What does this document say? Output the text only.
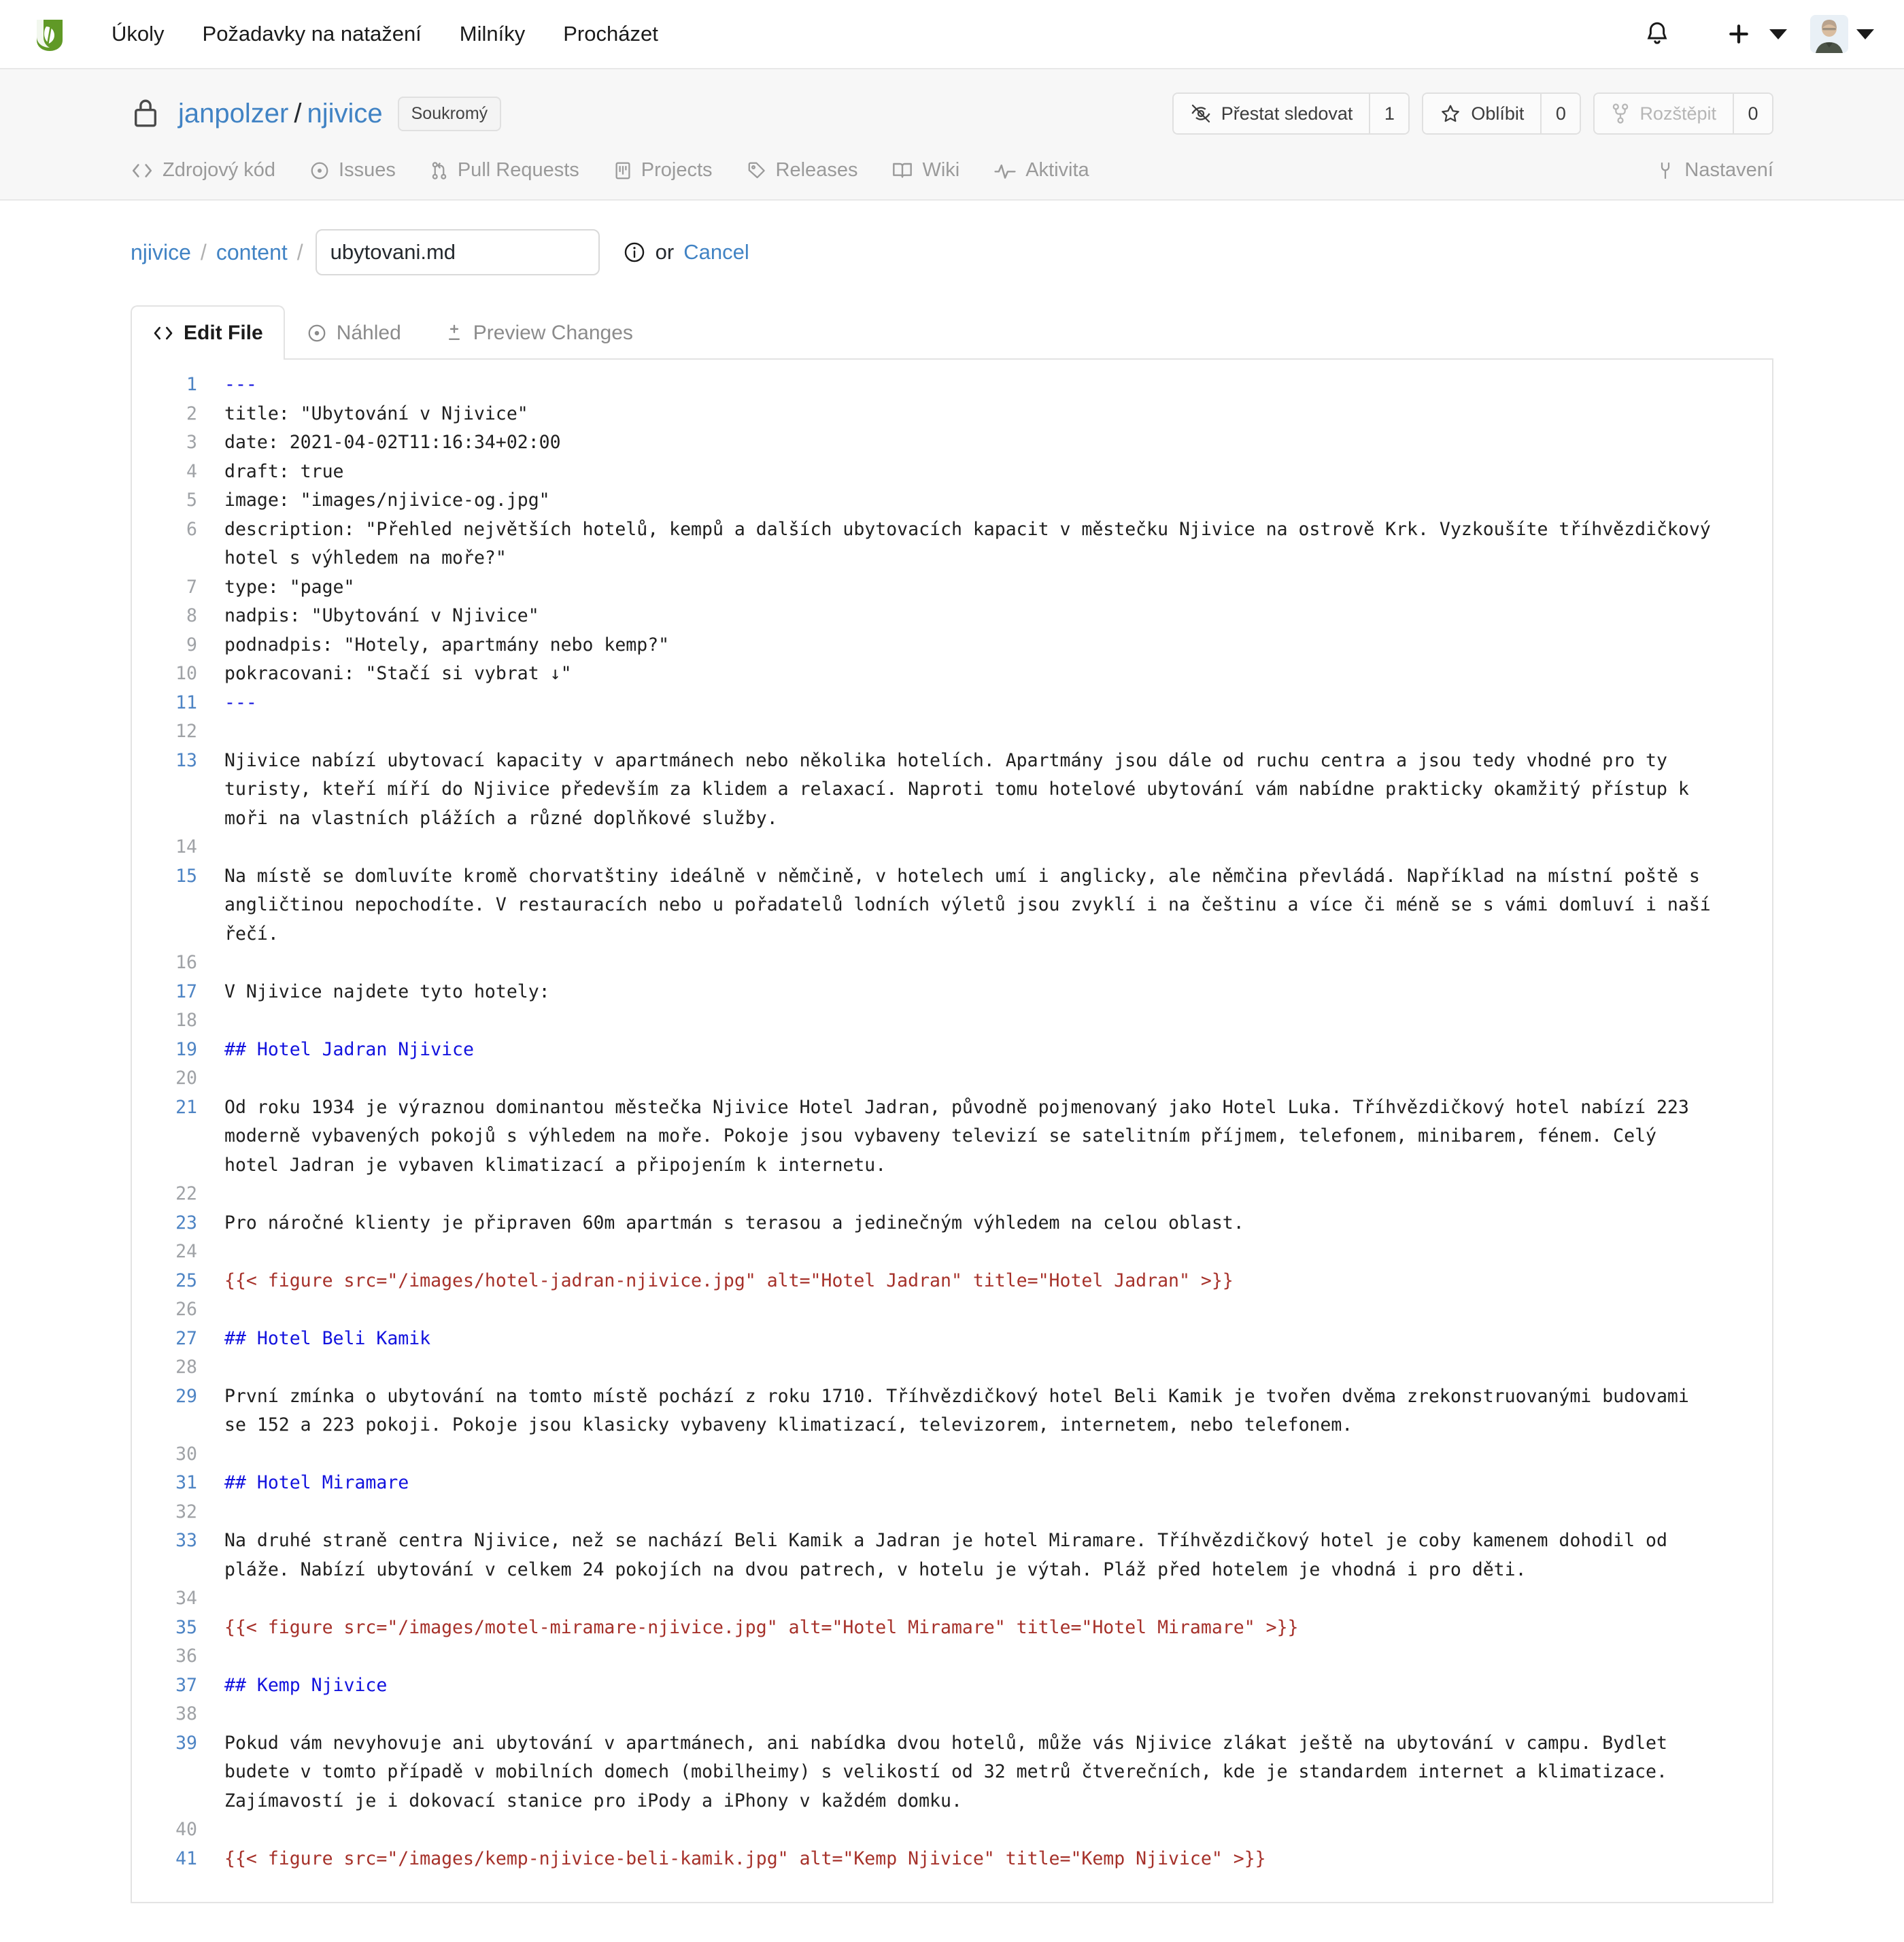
Úkoly	Požadavky na natažení	Milníky	Procházet
janpolzer / njivice	Soukromý	Přestat sledovat	1	Oblíbit	0	Rozštěpit	0
Zdrojový kód	Issues	Pull Requests	Projects	Releases	Wiki	Aktivita	Nastavení
njivice / content /
ubytovani.md	or Cancel
Edit File	Náhled	Preview Changes
1	---
2	title: "Ubytování v Njivice"
3	date: 2021-04-02T11:16:34+02:00
4	draft: true
5	image: "images/njivice-og.jpg"
6	description: "Přehled největších hotelů, kempů a dalších ubytovacích kapacit v městečku Njivice na ostrově Krk. Vyzkoušíte tříhvězdičkový hotel s výhledem na moře?"
7	type: "page"
8	nadpis: "Ubytování v Njivice"
9	podnadpis: "Hotely, apartmány nebo kemp?"
10	pokracovani: "Stačí si vybrat ↓"
11	---
12
13	Njivice nabízí ubytovací kapacity v apartmánech nebo několika hotelích. Apartmány jsou dále od ruchu centra a jsou tedy vhodné pro ty turisty, kteří míří do Njivice především za klidem a relaxací. Naproti tomu hotelové ubytování vám nabídne prakticky okamžitý přístup k moři na vlastních plážích a různé doplňkové služby.
14
15	Na místě se domluvíte kromě chorvatštiny ideálně v němčině, v hotelech umí i anglicky, ale němčina převládá. Například na místní poště s angličtinou nepochodíte. V restauracích nebo u pořadatelů lodních výletů jsou zvyklí i na češtinu a více či méně se s vámi domluví i naší řečí.
16
17	V Njivice najdete tyto hotely:
18
19	## Hotel Jadran Njivice
20
21	Od roku 1934 je výraznou dominantou městečka Njivice Hotel Jadran, původně pojmenovaný jako Hotel Luka. Tříhvězdičkový hotel nabízí 223 moderně vybavených pokojů s výhledem na moře. Pokoje jsou vybaveny televizí se satelitním příjmem, telefonem, minibarem, fénem. Celý hotel Jadran je vybaven klimatizací a připojením k internetu.
22
23	Pro náročné klienty je připraven 60m apartmán s terasou a jedinečným výhledem na celou oblast.
24
25	{{< figure src="/images/hotel-jadran-njivice.jpg" alt="Hotel Jadran" title="Hotel Jadran" >}}
26
27	## Hotel Beli Kamik
28
29	První zmínka o ubytování na tomto místě pochází z roku 1710. Tříhvězdičkový hotel Beli Kamik je tvořen dvěma zrekonstruovanými budovami se 152 a 223 pokoji. Pokoje jsou klasicky vybaveny klimatizací, televizorem, internetem, nebo telefonem.
30
31	## Hotel Miramare
32
33	Na druhé straně centra Njivice, než se nachází Beli Kamik a Jadran je hotel Miramare. Tříhvězdičkový hotel je coby kamenem dohodil od pláže. Nabízí ubytování v celkem 24 pokojích na dvou patrech, v hotelu je výtah. Pláž před hotelem je vhodná i pro děti.
34
35	{{< figure src="/images/motel-miramare-njivice.jpg" alt="Hotel Miramare" title="Hotel Miramare" >}}
36
37	## Kemp Njivice
38
39	Pokud vám nevyhovuje ani ubytování v apartmánech, ani nabídka dvou hotelů, může vás Njivice zlákat ještě na ubytování v campu. Bydlet budete v tomto případě v mobilních domech (mobilheimy) s velikostí od 32 metrů čtverečních, kde je standardem internet a klimatizace. Zajímavostí je i dokovací stanice pro iPody a iPhony v každém domku.
40
41	{{< figure src="/images/kemp-njivice-beli-kamik.jpg" alt="Kemp Njivice" title="Kemp Njivice" >}}
